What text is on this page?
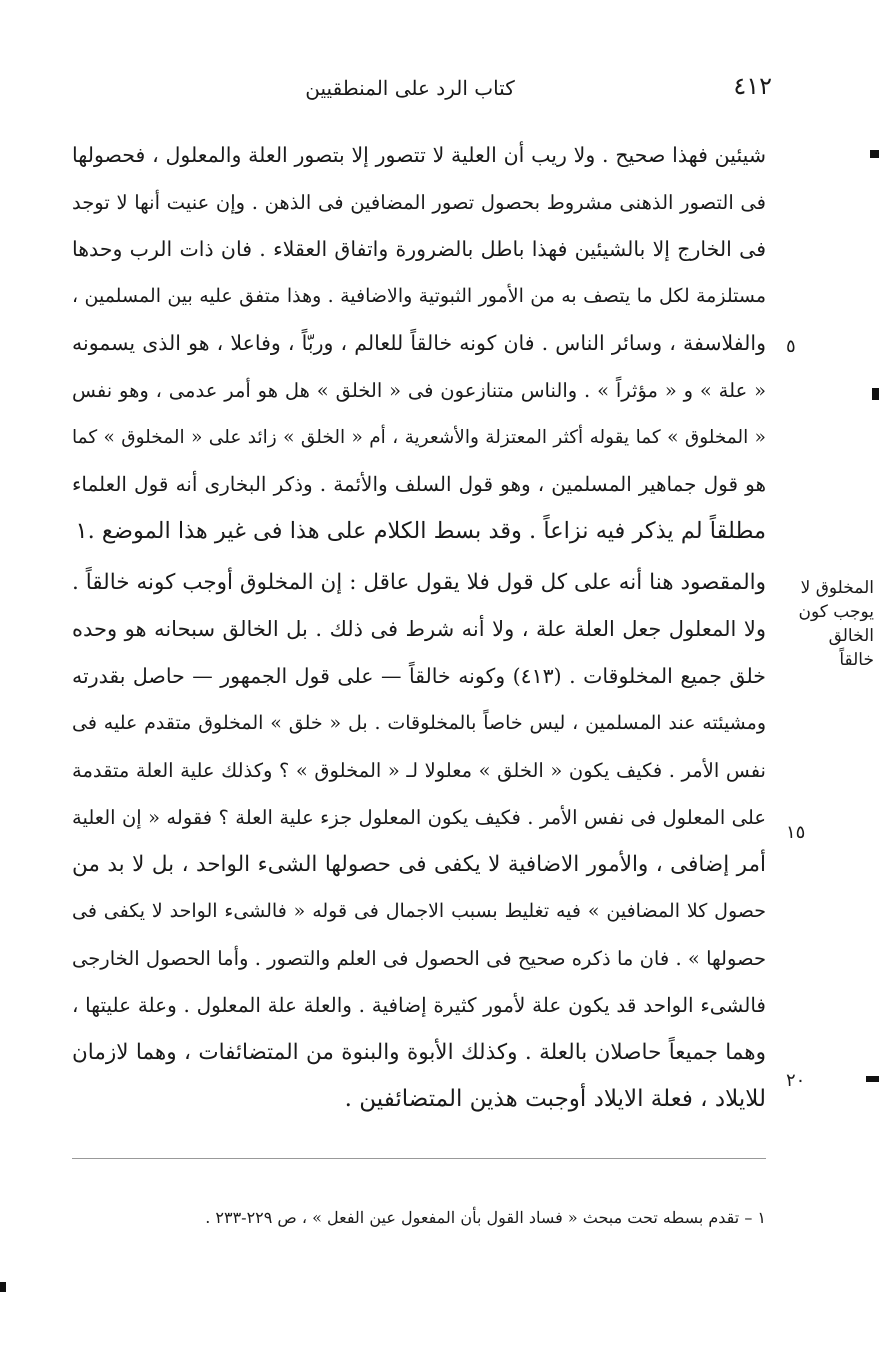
٤١٢
كتاب الرد على المنطقيين
شيئين فهذا صحيح . ولا ريب أن العلية لا تتصور إلا بتصور العلة والمعلول ، فحصولها
فى التصور الذهنى مشروط بحصول تصور المضافين فى الذهن . وإن عنيت أنها لا توجد
فى الخارج إلا بالشيئين فهذا باطل بالضرورة واتفاق العقلاء . فان ذات الرب وحدها
مستلزمة لكل ما يتصف به من الأمور الثبوتية والاضافية . وهذا متفق عليه بين المسلمين ،
والفلاسفة ، وسائر الناس . فان كونه خالقاً للعالم ، وربّاً ، وفاعلا ، هو الذى يسمونه
« علة » و « مؤثراً » . والناس متنازعون فى « الخلق » هل هو أمر عدمى ، وهو نفس
« المخلوق » كما يقوله أكثر المعتزلة والأشعرية ، أم « الخلق » زائد على « المخلوق » كما
هو قول جماهير المسلمين ، وهو قول السلف والأئمة . وذكر البخارى أنه قول العلماء
مطلقاً لم يذكر فيه نزاعاً . وقد بسط الكلام على هذا فى غير هذا الموضع .١
والمقصود هنا أنه على كل قول فلا يقول عاقل : إن المخلوق أوجب كونه خالقاً .
ولا المعلول جعل العلة علة ، ولا أنه شرط فى ذلك . بل الخالق سبحانه هو وحده
خلق جميع المخلوقات . (٤١٣) وكونه خالقاً — على قول الجمهور — حاصل بقدرته
ومشيئته عند المسلمين ، ليس خاصاً بالمخلوقات . بل « خلق » المخلوق متقدم عليه فى
نفس الأمر . فكيف يكون « الخلق » معلولا لـ « المخلوق » ؟ وكذلك علية العلة متقدمة
على المعلول فى نفس الأمر . فكيف يكون المعلول جزء علية العلة ؟ فقوله « إن العلية
أمر إضافى ، والأمور الاضافية لا يكفى فى حصولها الشىء الواحد ، بل لا بد من
حصول كلا المضافين » فيه تغليط بسبب الاجمال فى قوله « فالشىء الواحد لا يكفى فى
حصولها » . فان ما ذكره صحيح فى الحصول فى العلم والتصور . وأما الحصول الخارجى
فالشىء الواحد قد يكون علة لأمور كثيرة إضافية . والعلة علة المعلول . وعلة عليتها ،
وهما جميعاً حاصلان بالعلة . وكذلك الأبوة والبنوة من المتضائفات ، وهما لازمان
للايلاد ، فعلة الايلاد أوجبت هذين المتضائفين .
٥
١٥
٢٠
المخلوق لا
يوجب كون
الخالق خالقاً
١ – تقدم بسطه تحت مبحث « فساد القول بأن المفعول عين الفعل » ، ص ٢٢٩-٢٣٣ .
